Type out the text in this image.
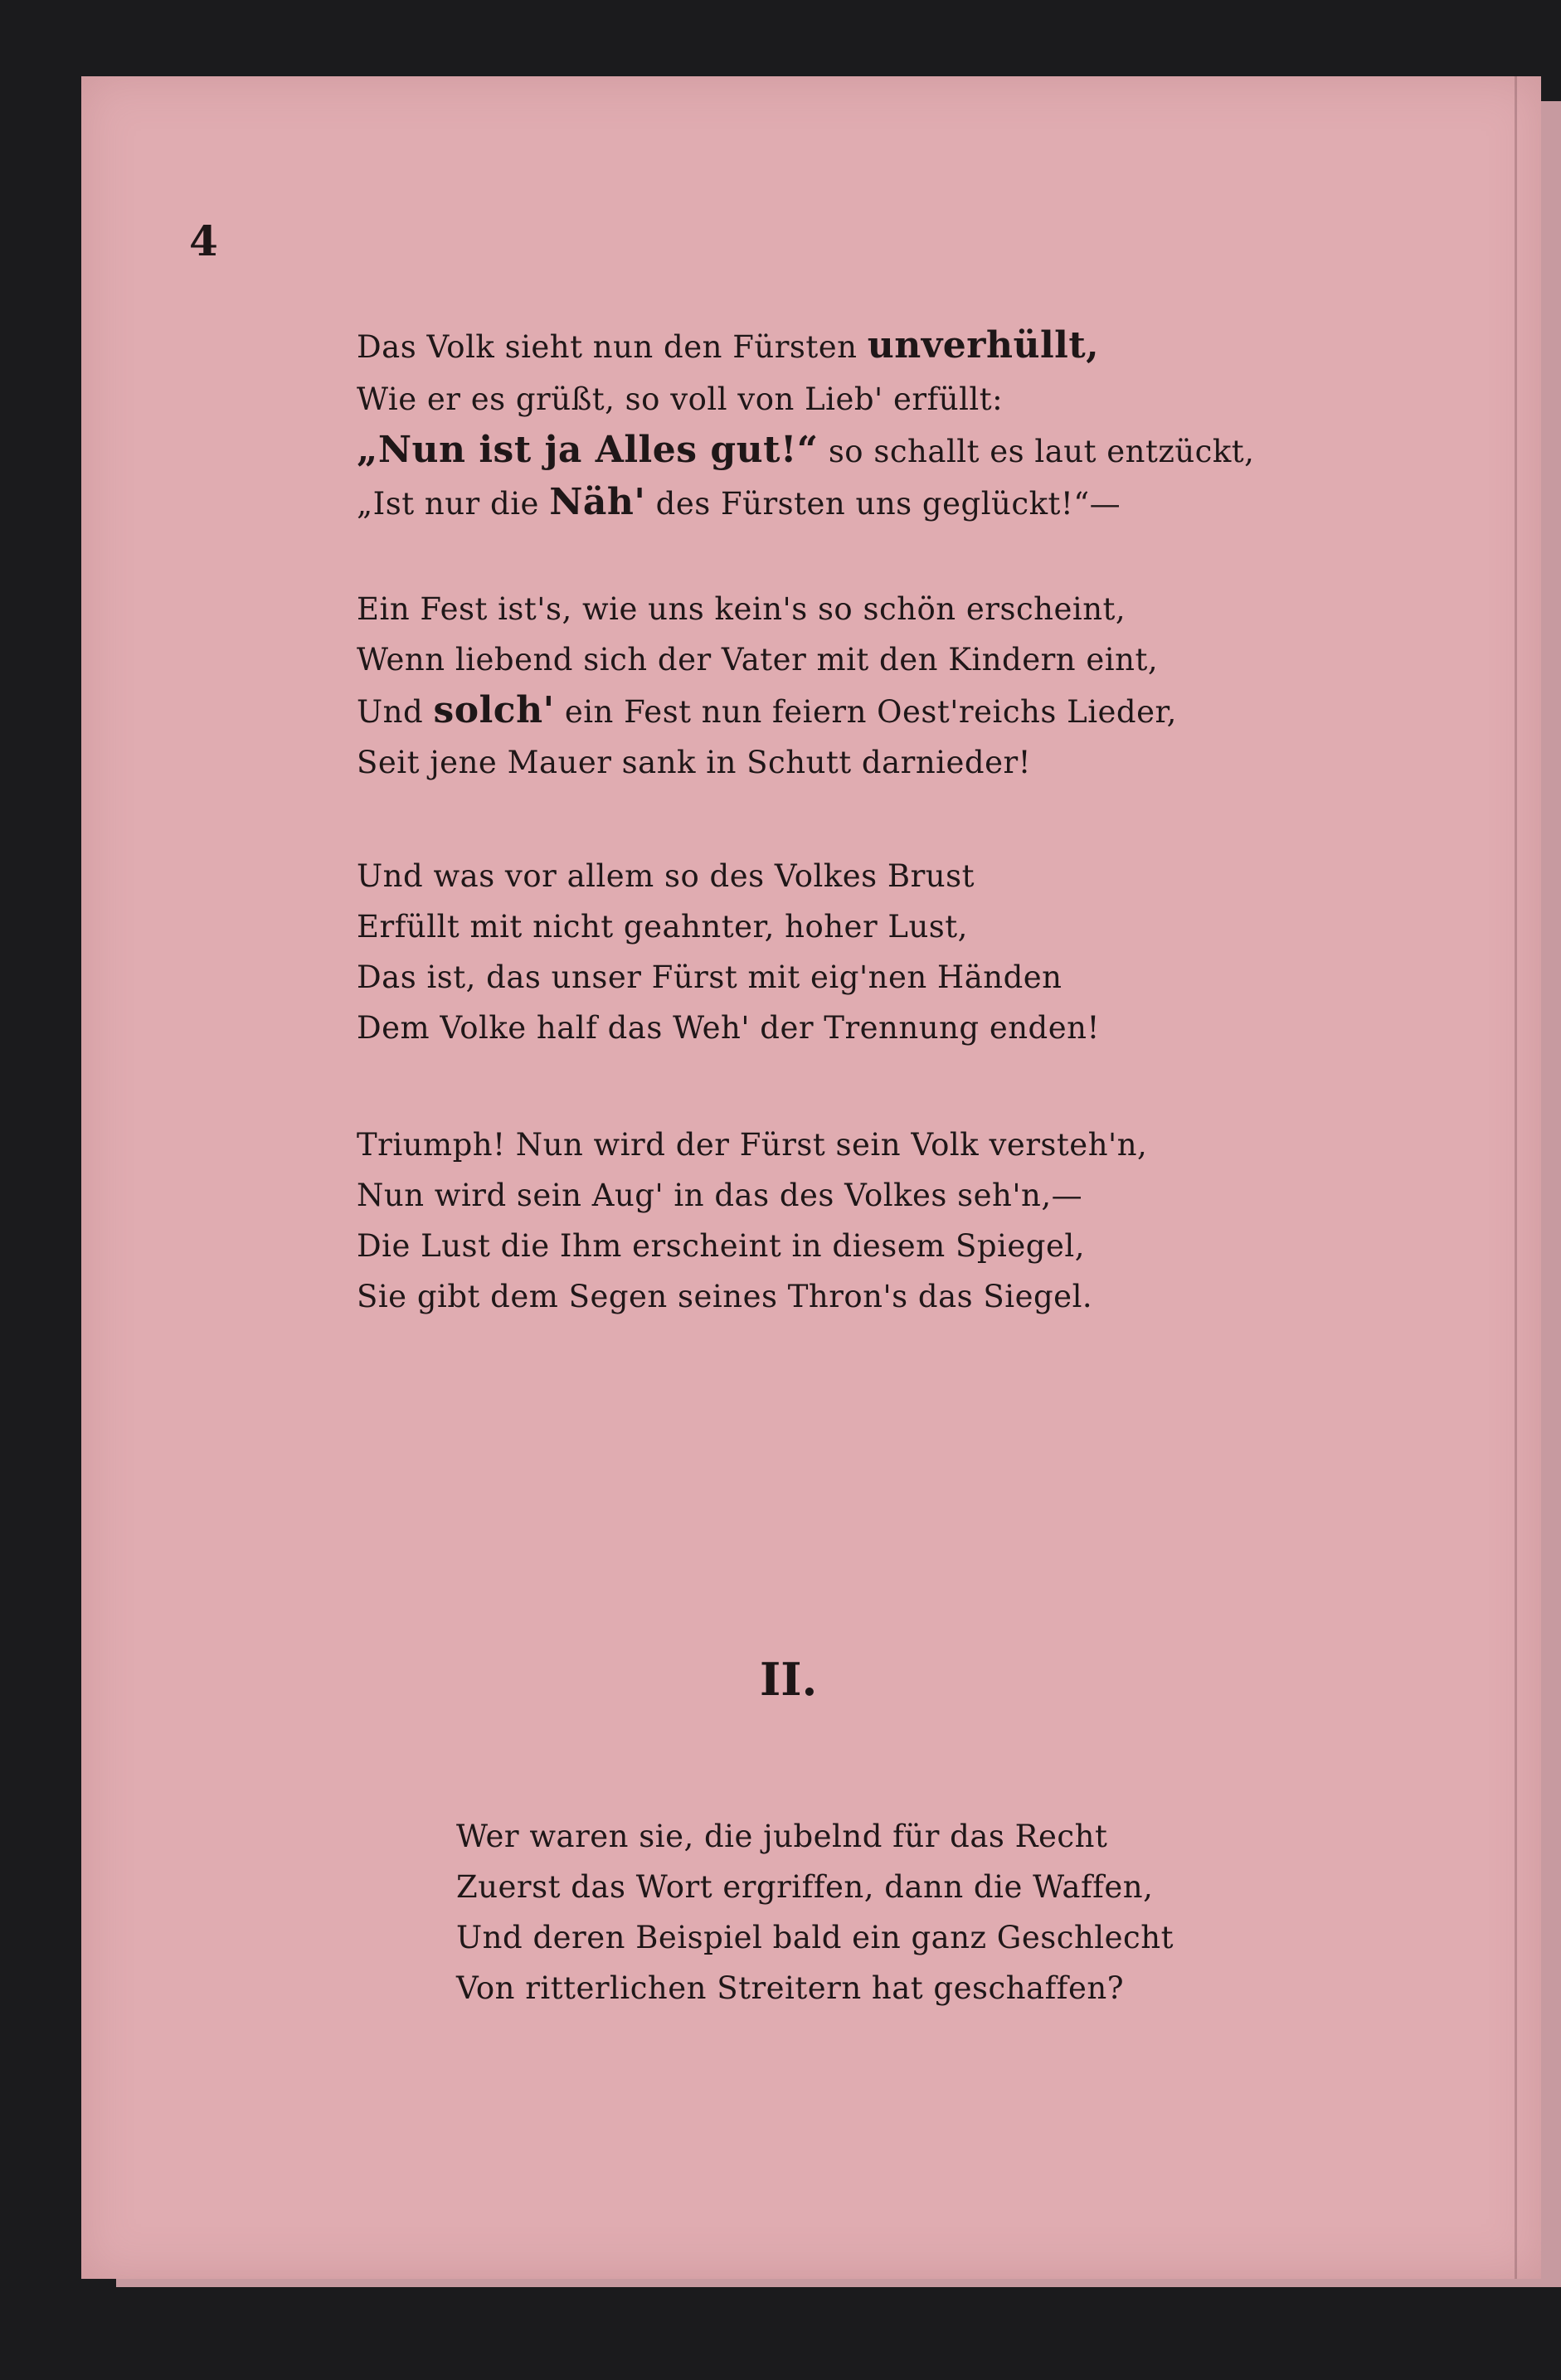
4
Das Volk sieht nun den Fürsten unverhüllt,
Wie er es grüßt, so voll von Lieb' erfüllt:
„Nun ist ja Alles gut!“ so schallt es laut entzückt,
„Ist nur die Näh' des Fürsten uns geglückt!“—
Ein Fest ist's, wie uns kein's so schön erscheint,
Wenn liebend sich der Vater mit den Kindern eint,
Und solch' ein Fest nun feiern Oest'reichs Lieder,
Seit jene Mauer sank in Schutt darnieder!
Und was vor allem so des Volkes Brust
Erfüllt mit nicht geahnter, hoher Lust,
Das ist, das unser Fürst mit eig'nen Händen
Dem Volke half das Weh' der Trennung enden!
Triumph! Nun wird der Fürst sein Volk versteh'n,
Nun wird sein Aug' in das des Volkes seh'n,—
Die Lust die Ihm erscheint in diesem Spiegel,
Sie gibt dem Segen seines Thron's das Siegel.
II.
Wer waren sie, die jubelnd für das Recht
Zuerst das Wort ergriffen, dann die Waffen,
Und deren Beispiel bald ein ganz Geschlecht
Von ritterlichen Streitern hat geschaffen?
